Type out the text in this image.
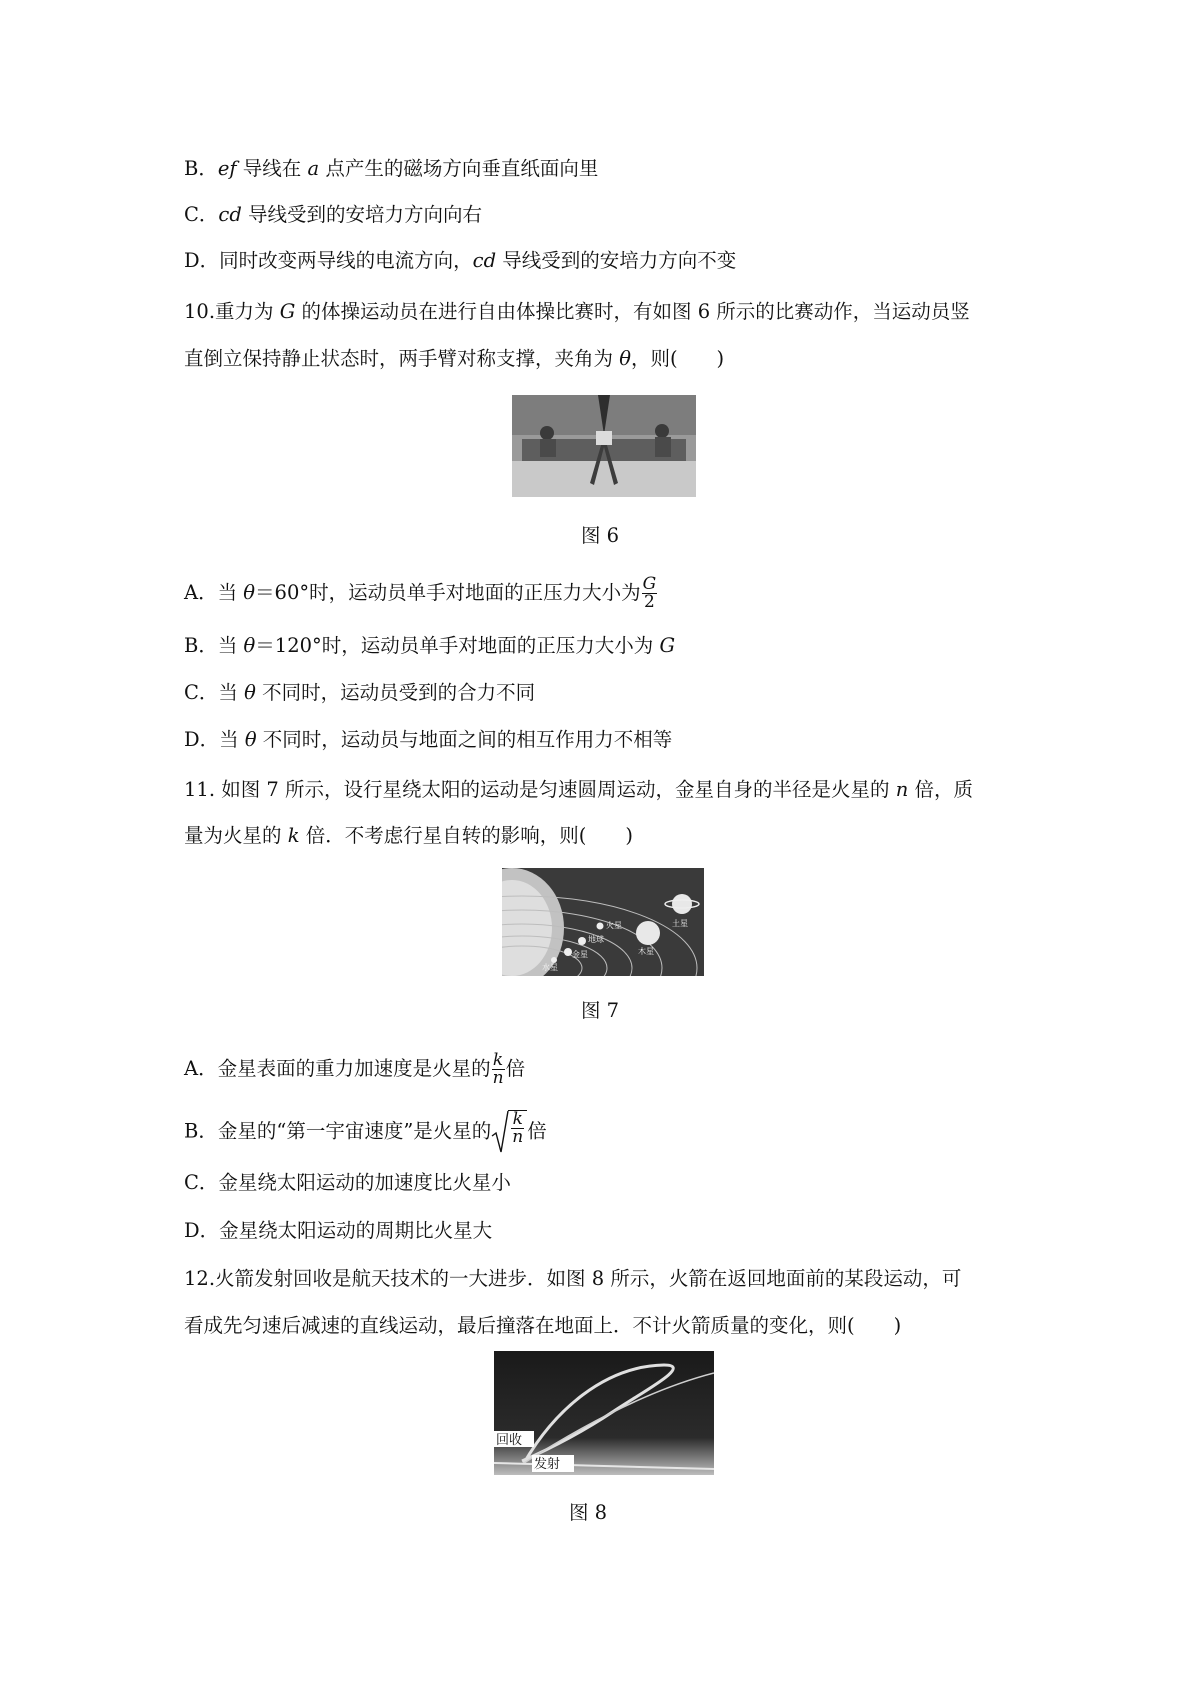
B．ef 导线在 a 点产生的磁场方向垂直纸面向里
C．cd 导线受到的安培力方向向右
D．同时改变两导线的电流方向，cd 导线受到的安培力方向不变
10.重力为 G 的体操运动员在进行自由体操比赛时，有如图 6 所示的比赛动作，当运动员竖
直倒立保持静止状态时，两手臂对称支撑，夹角为 θ，则(　　)
图 6
A．当 θ＝60°时，运动员单手对地面的正压力大小为 $\frac{G}{2}$
B．当 θ＝120°时，运动员单手对地面的正压力大小为 G
C．当 θ 不同时，运动员受到的合力不同
D．当 θ 不同时，运动员与地面之间的相互作用力不相等
11. 如图 7 所示，设行星绕太阳的运动是匀速圆周运动，金星自身的半径是火星的 n 倍，质
量为火星的 k 倍．不考虑行星自转的影响，则(　　)
火星
地球
金星
水星
木星
土星
图 7
A．金星表面的重力加速度是火星的 $\frac{k}{n}$ 倍
B．金星的“第一宇宙速度”是火星的 $\frac{k}{n}$ 倍
C．金星绕太阳运动的加速度比火星小
D．金星绕太阳运动的周期比火星大
12.火箭发射回收是航天技术的一大进步．如图 8 所示，火箭在返回地面前的某段运动，可
看成先匀速后减速的直线运动，最后撞落在地面上．不计火箭质量的变化，则(　　)
回收
发射
图 8
